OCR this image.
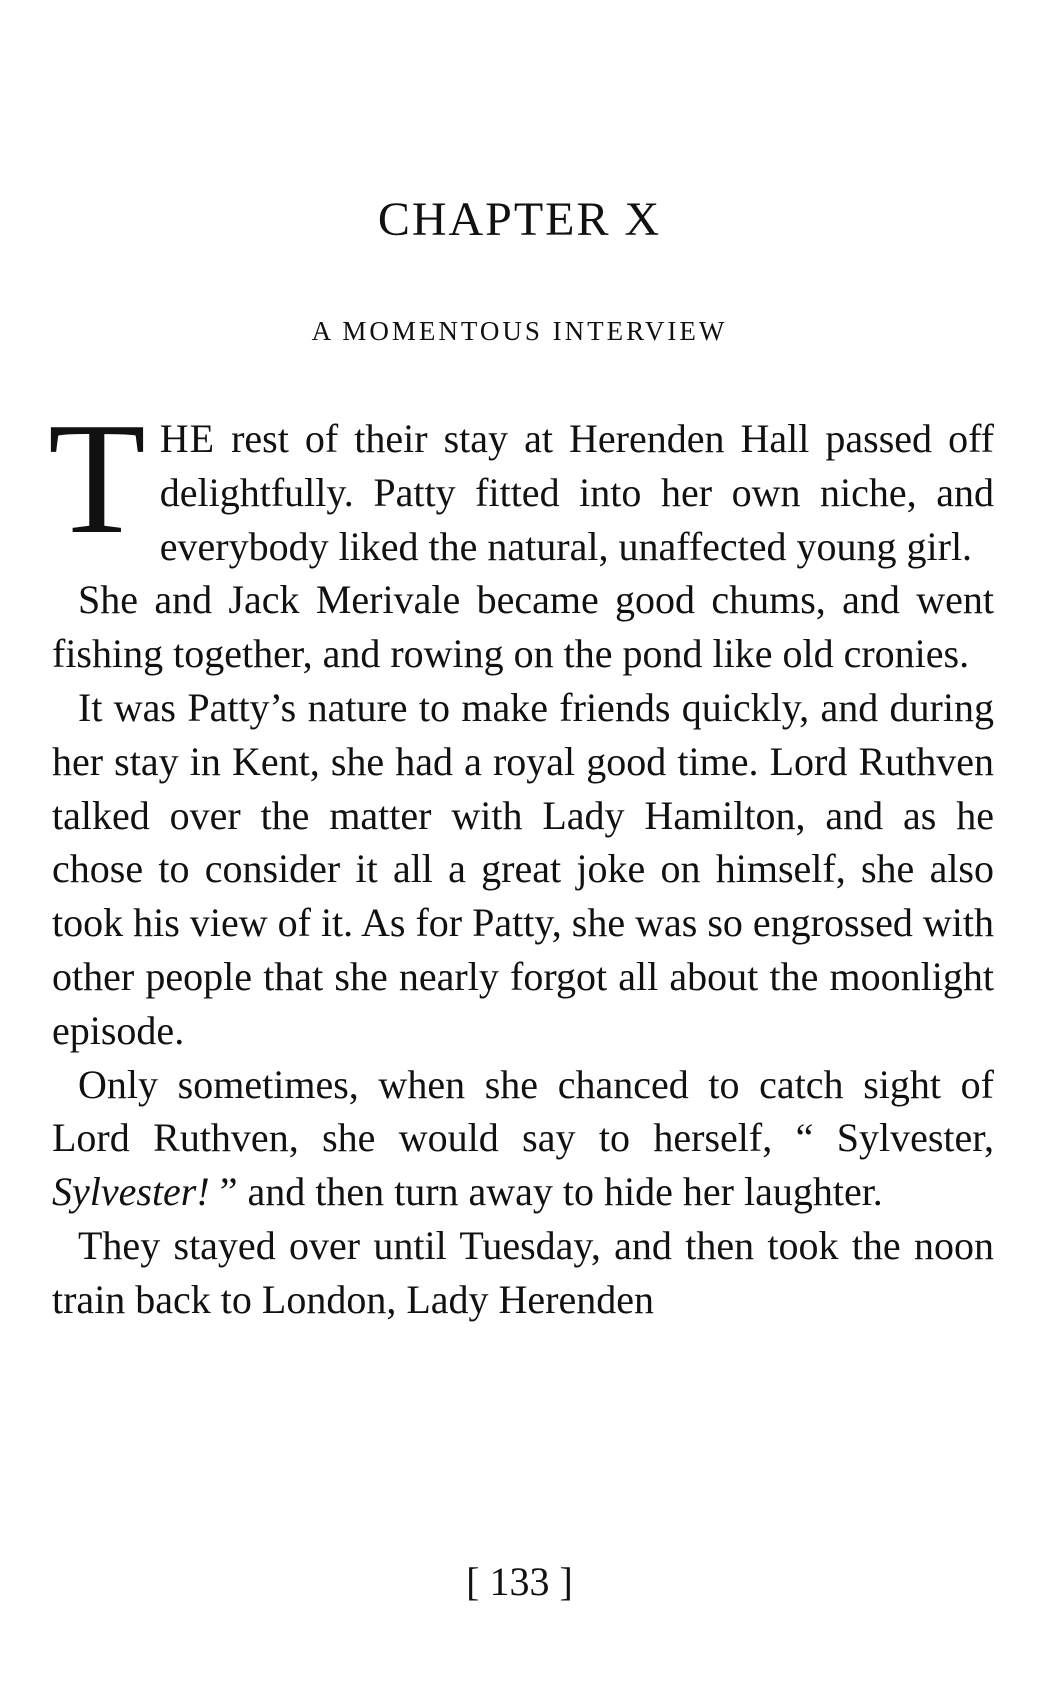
CHAPTER X
A MOMENTOUS INTERVIEW

THE rest of their stay at Herenden Hall passed off delightfully. Patty fitted into her own niche, and everybody liked the natural, unaffected young girl.

She and Jack Merivale became good chums, and went fishing together, and rowing on the pond like old cronies.

It was Patty’s nature to make friends quickly, and during her stay in Kent, she had a royal good time. Lord Ruthven talked over the matter with Lady Hamilton, and as he chose to consider it all a great joke on himself, she also took his view of it. As for Patty, she was so engrossed with other people that she nearly forgot all about the moonlight episode.

Only sometimes, when she chanced to catch sight of Lord Ruthven, she would say to herself, “ Sylvester, Sylvester! ” and then turn away to hide her laughter.

They stayed over until Tuesday, and then took the noon train back to London, Lady Herenden

[ 133 ]
